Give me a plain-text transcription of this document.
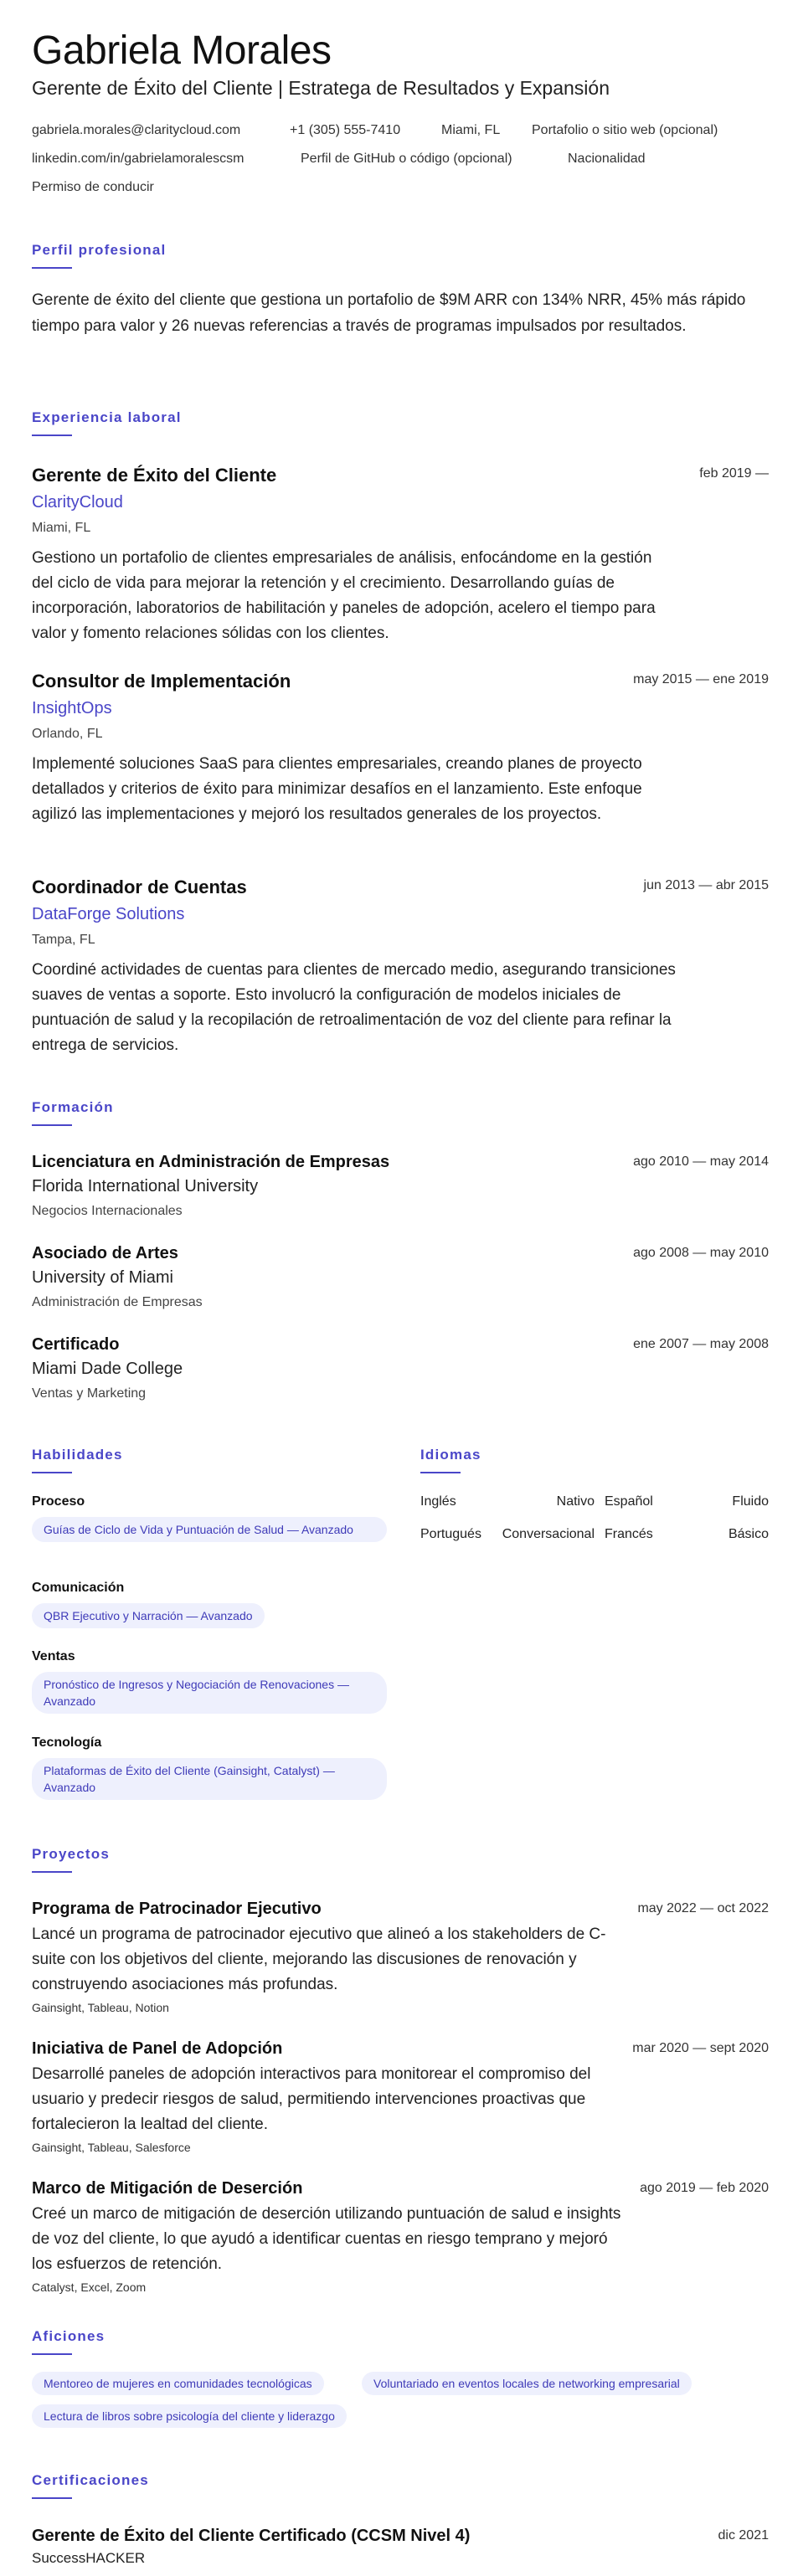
Gabriela Morales
Gerente de Éxito del Cliente | Estratega de Resultados y Expansión
gabriela.morales@claritycloud.com	+1 (305) 555-7410	Miami, FL Portafolio o sitio web (opcional)
linkedin.com/in/gabrielamoralescsm	Perfil de GitHub o código (opcional)	Nacionalidad
Permiso de conducir
Perfil profesional
Gerente de éxito del cliente que gestiona un portafolio de $9M ARR con 134% NRR, 45% más rápido tiempo para valor y 26 nuevas referencias a través de programas impulsados por resultados.
Experiencia laboral
Gerente de Éxito del Cliente	feb 2019 —
ClarityCloud
Miami, FL
Gestiono un portafolio de clientes empresariales de análisis, enfocándome en la gestión del ciclo de vida para mejorar la retención y el crecimiento. Desarrollando guías de incorporación, laboratorios de habilitación y paneles de adopción, acelero el tiempo para valor y fomento relaciones sólidas con los clientes.
Consultor de Implementación	may 2015 — ene 2019
InsightOps
Orlando, FL
Implementé soluciones SaaS para clientes empresariales, creando planes de proyecto detallados y criterios de éxito para minimizar desafíos en el lanzamiento. Este enfoque agilizó las implementaciones y mejoró los resultados generales de los proyectos.
Coordinador de Cuentas	jun 2013 — abr 2015
DataForge Solutions
Tampa, FL
Coordiné actividades de cuentas para clientes de mercado medio, asegurando transiciones suaves de ventas a soporte. Esto involucró la configuración de modelos iniciales de puntuación de salud y la recopilación de retroalimentación de voz del cliente para refinar la entrega de servicios.
Formación
Licenciatura en Administración de Empresas	ago 2010 — may 2014
Florida International University
Negocios Internacionales
Asociado de Artes	ago 2008 — may 2010
University of Miami
Administración de Empresas
Certificado	ene 2007 — may 2008
Miami Dade College
Ventas y Marketing
Habilidades
Proceso
Guías de Ciclo de Vida y Puntuación de Salud — Avanzado
Comunicación
QBR Ejecutivo y Narración — Avanzado
Ventas
Pronóstico de Ingresos y Negociación de Renovaciones — Avanzado
Tecnología
Plataformas de Éxito del Cliente (Gainsight, Catalyst) — Avanzado
Idiomas
Inglés	Nativo Español	Fluido
Portugués	Conversacional Francés	Básico
Proyectos
Programa de Patrocinador Ejecutivo	may 2022 — oct 2022
Lancé un programa de patrocinador ejecutivo que alineó a los stakeholders de C-suite con los objetivos del cliente, mejorando las discusiones de renovación y construyendo asociaciones más profundas.
Gainsight, Tableau, Notion
Iniciativa de Panel de Adopción	mar 2020 — sept 2020
Desarrollé paneles de adopción interactivos para monitorear el compromiso del usuario y predecir riesgos de salud, permitiendo intervenciones proactivas que fortalecieron la lealtad del cliente.
Gainsight, Tableau, Salesforce
Marco de Mitigación de Deserción	ago 2019 — feb 2020
Creé un marco de mitigación de deserción utilizando puntuación de salud e insights de voz del cliente, lo que ayudó a identificar cuentas en riesgo temprano y mejoró los esfuerzos de retención.
Catalyst, Excel, Zoom
Aficiones
Mentoreo de mujeres en comunidades tecnológicas	Voluntariado en eventos locales de networking empresarial
Lectura de libros sobre psicología del cliente y liderazgo
Certificaciones
Gerente de Éxito del Cliente Certificado (CCSM Nivel 4)	dic 2021
SuccessHACKER
